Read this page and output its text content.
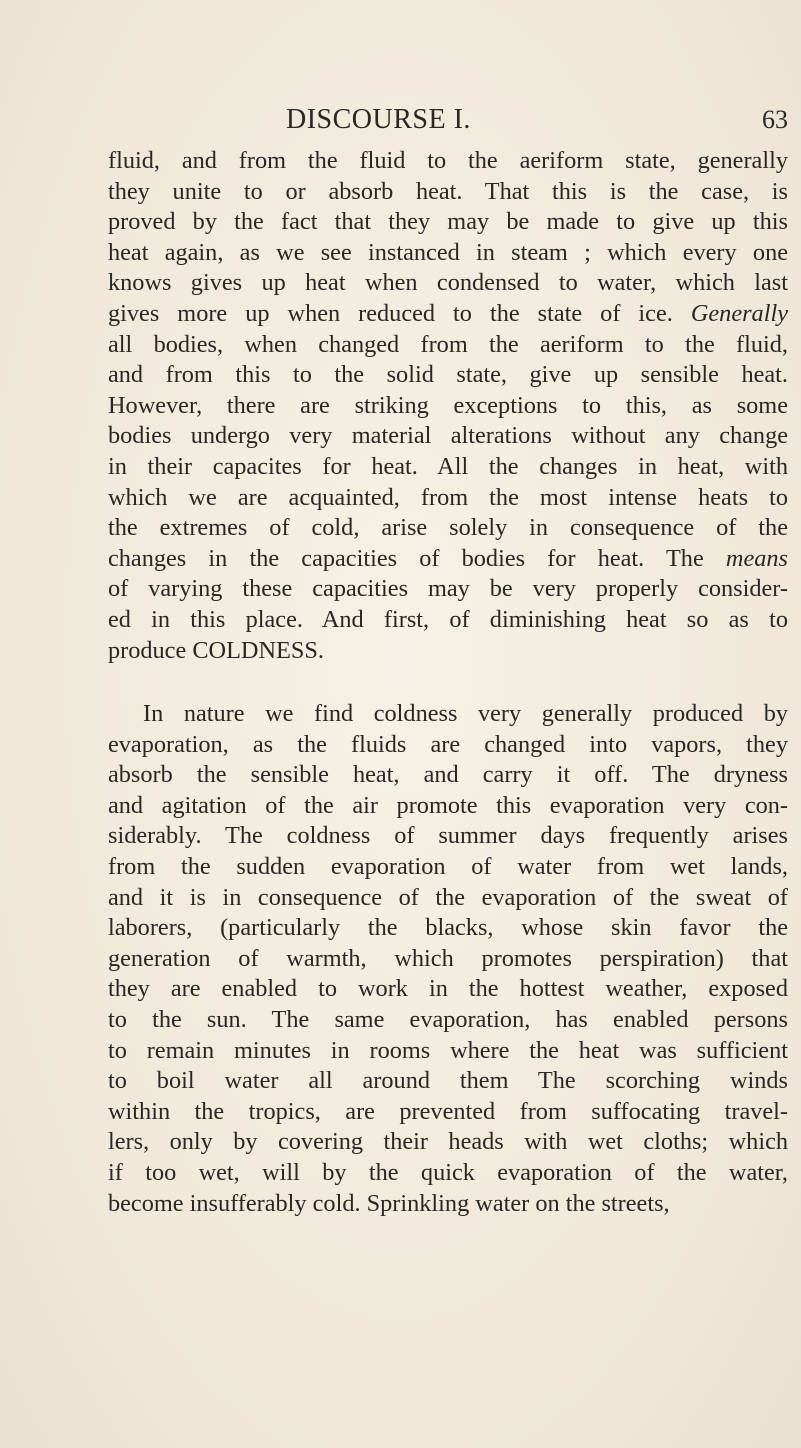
DISCOURSE I.	63
fluid, and from the fluid to the aeriform state, generally
they unite to or absorb heat. That this is the case, is
proved by the fact that they may be made to give up this
heat again, as we see instanced in steam ; which every one
knows gives up heat when condensed to water, which last
gives more up when reduced to the state of ice. Generally
all bodies, when changed from the aeriform to the fluid,
and from this to the solid state, give up sensible heat.
However, there are striking exceptions to this, as some
bodies undergo very material alterations without any change
in their capacites for heat. All the changes in heat, with
which we are acquainted, from the most intense heats to
the extremes of cold, arise solely in consequence of the
changes in the capacities of bodies for heat. The means
of varying these capacities may be very properly consider-
ed in this place. And first, of diminishing heat so as to
produce COLDNESS.
In nature we find coldness very generally produced by
evaporation, as the fluids are changed into vapors, they
absorb the sensible heat, and carry it off. The dryness
and agitation of the air promote this evaporation very con-
siderably. The coldness of summer days frequently arises
from the sudden evaporation of water from wet lands,
and it is in consequence of the evaporation of the sweat of
laborers, (particularly the blacks, whose skin favor the
generation of warmth, which promotes perspiration) that
they are enabled to work in the hottest weather, exposed
to the sun. The same evaporation, has enabled persons
to remain minutes in rooms where the heat was sufficient
to boil water all around them The scorching winds
within the tropics, are prevented from suffocating travel-
lers, only by covering their heads with wet cloths; which
if too wet, will by the quick evaporation of the water,
become insufferably cold. Sprinkling water on the streets,
